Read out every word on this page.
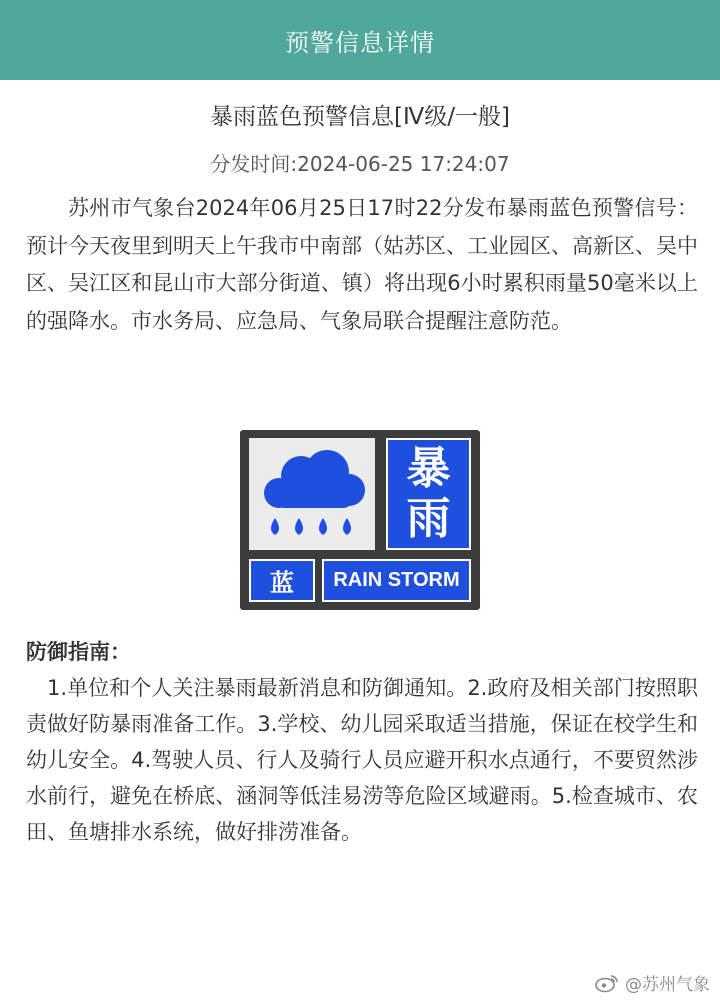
预警信息详情
暴雨蓝色预警信息[Ⅳ级/一般]
分发时间:2024-06-25 17:24:07
苏州市气象台2024年06月25日17时22分发布暴雨蓝色预警信号：预计今天夜里到明天上午我市中南部（姑苏区、工业园区、高新区、吴中区、吴江区和昆山市大部分街道、镇）将出现6小时累积雨量50毫米以上的强降水。市水务局、应急局、气象局联合提醒注意防范。
暴
雨
蓝 RAIN STORM
防御指南：
1.单位和个人关注暴雨最新消息和防御通知。2.政府及相关部门按照职责做好防暴雨准备工作。3.学校、幼儿园采取适当措施，保证在校学生和幼儿安全。4.驾驶人员、行人及骑行人员应避开积水点通行，不要贸然涉水前行，避免在桥底、涵洞等低洼易涝等危险区域避雨。5.检查城市、农田、鱼塘排水系统，做好排涝准备。
@苏州气象
